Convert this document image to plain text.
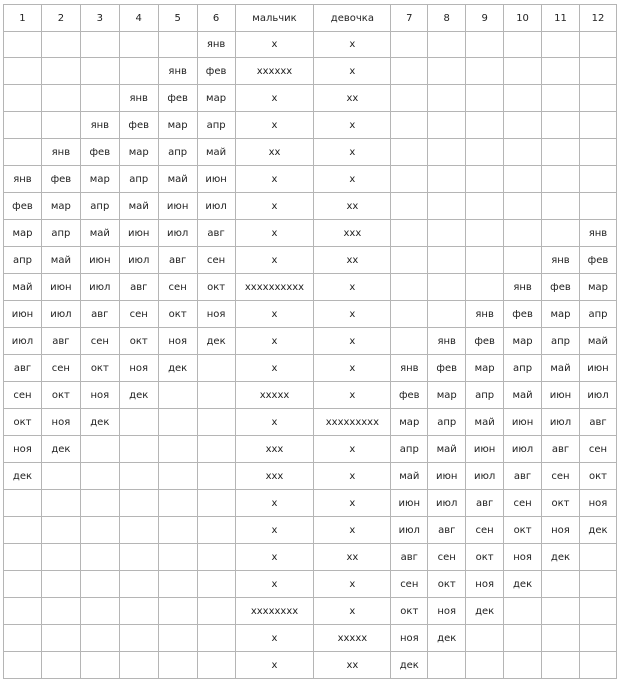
1	2	3	4	5	6	мальчик	девочка	7	8	9	10	11	12
					янв	x	x						
				янв	фев	xxxxxx	x						
			янв	фев	мар	x	xx						
		янв	фев	мар	апр	x	x						
	янв	фев	мар	апр	май	xx	x						
янв	фев	мар	апр	май	июн	x	x						
фев	мар	апр	май	июн	июл	x	xx						
мар	апр	май	июн	июл	авг	x	xxx						янв
апр	май	июн	июл	авг	сен	x	xx					янв	фев
май	июн	июл	авг	сен	окт	xxxxxxxxxx	x				янв	фев	мар
июн	июл	авг	сен	окт	ноя	x	x			янв	фев	мар	апр
июл	авг	сен	окт	ноя	дек	x	x		янв	фев	мар	апр	май
авг	сен	окт	ноя	дек		x	x	янв	фев	мар	апр	май	июн
сен	окт	ноя	дек			xxxxx	x	фев	мар	апр	май	июн	июл
окт	ноя	дек				x	xxxxxxxxx	мар	апр	май	июн	июл	авг
ноя	дек					xxx	x	апр	май	июн	июл	авг	сен
дек						xxx	x	май	июн	июл	авг	сен	окт
						x	x	июн	июл	авг	сен	окт	ноя
						x	x	июл	авг	сен	окт	ноя	дек
						x	xx	авг	сен	окт	ноя	дек	
						x	x	сен	окт	ноя	дек		
						xxxxxxxx	x	окт	ноя	дек			
						x	xxxxx	ноя	дек				
						x	xx	дек					
